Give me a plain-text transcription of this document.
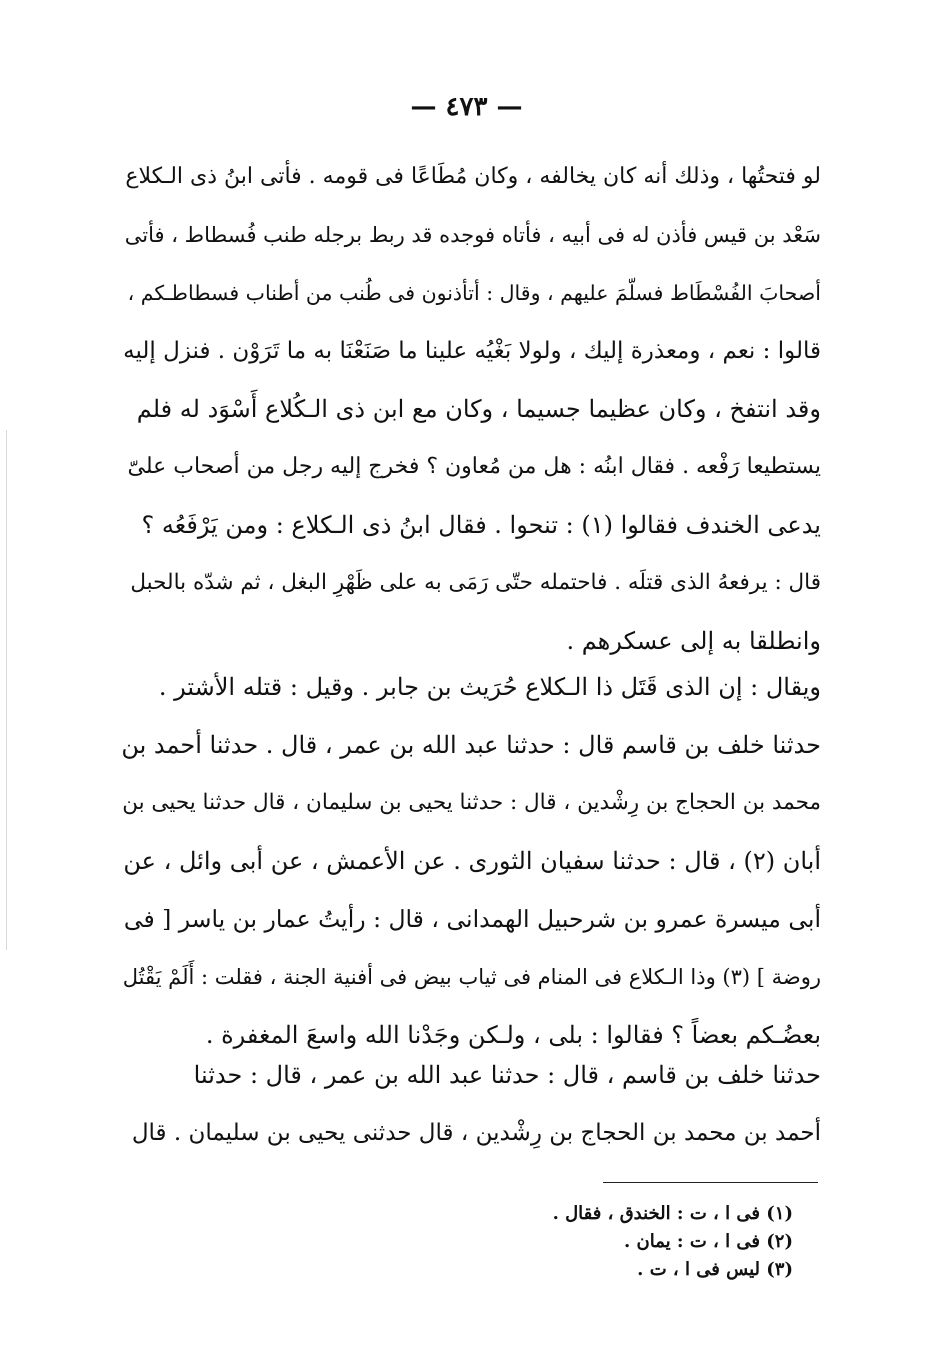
— ٤٧٣ —

لو فتحتُها ، وذلك أنه كان يخالفه ، وكان مُطَاعًا فى قومه . فأتى ابنُ ذى الـكلاع
سَعْد بن قيس فأذن له فى أبيه ، فأتاه فوجده قد ربط برجله طنب فُسطاط ، فأتى
أصحابَ الفُسْطَاط فسلّمَ عليهم ، وقال : أتأذنون فى طُنب من أطناب فسطاطـكم ،
قالوا : نعم ، ومعذرة إليك ، ولولا بَغْيُه علينا ما صَنَعْنَا به ما تَرَوْن . فنزل إليه
وقد انتفخ ، وكان عظيما جسيما ، وكان مع ابن ذى الـكُلاع أَسْوَد له فلم
يستطيعا رَفْعه . فقال ابنُه : هل من مُعاون ؟ فخرج إليه رجل من أصحاب علىّ
يدعى الخندف فقالوا (١) : تنحوا . فقال ابنُ ذى الـكلاع : ومن يَرْفَعُه ؟
قال : يرفعهُ الذى قتلَه . فاحتمله حتّى رَمَى به على ظَهْرِ البغل ، ثم شدّه بالحبل
وانطلقا به إلى عسكرهم .

ويقال : إن الذى قَتَل ذا الـكلاع حُرَيث بن جابر . وقيل : قتله الأشتر .
حدثنا خلف بن قاسم قال : حدثنا عبد الله بن عمر ، قال . حدثنا أحمد بن
محمد بن الحجاج بن رِشْدين ، قال : حدثنا يحيى بن سليمان ، قال حدثنا يحيى بن
أبان (٢) ، قال : حدثنا سفيان الثورى . عن الأعمش ، عن أبى وائل ، عن
أبى ميسرة عمرو بن شرحبيل الهمدانى ، قال : رأيتُ عمار بن ياسر [ فى
روضة ] (٣) وذا الـكلاع فى المنام فى ثياب بيض فى أفنية الجنة ، فقلت : أَلَمْ يَقْتُل
بعضُـكم بعضاً ؟ فقالوا : بلى ، ولـكن وجَدْنا الله واسعَ المغفرة .

حدثنا خلف بن قاسم ، قال : حدثنا عبد الله بن عمر ، قال : حدثنا
أحمد بن محمد بن الحجاج بن رِشْدين ، قال حدثنى يحيى بن سليمان . قال

(١) فى ا ، ت : الخندق ، فقال .
(٢) فى ا ، ت : يمان .
(٣) ليس فى ا ، ت .
